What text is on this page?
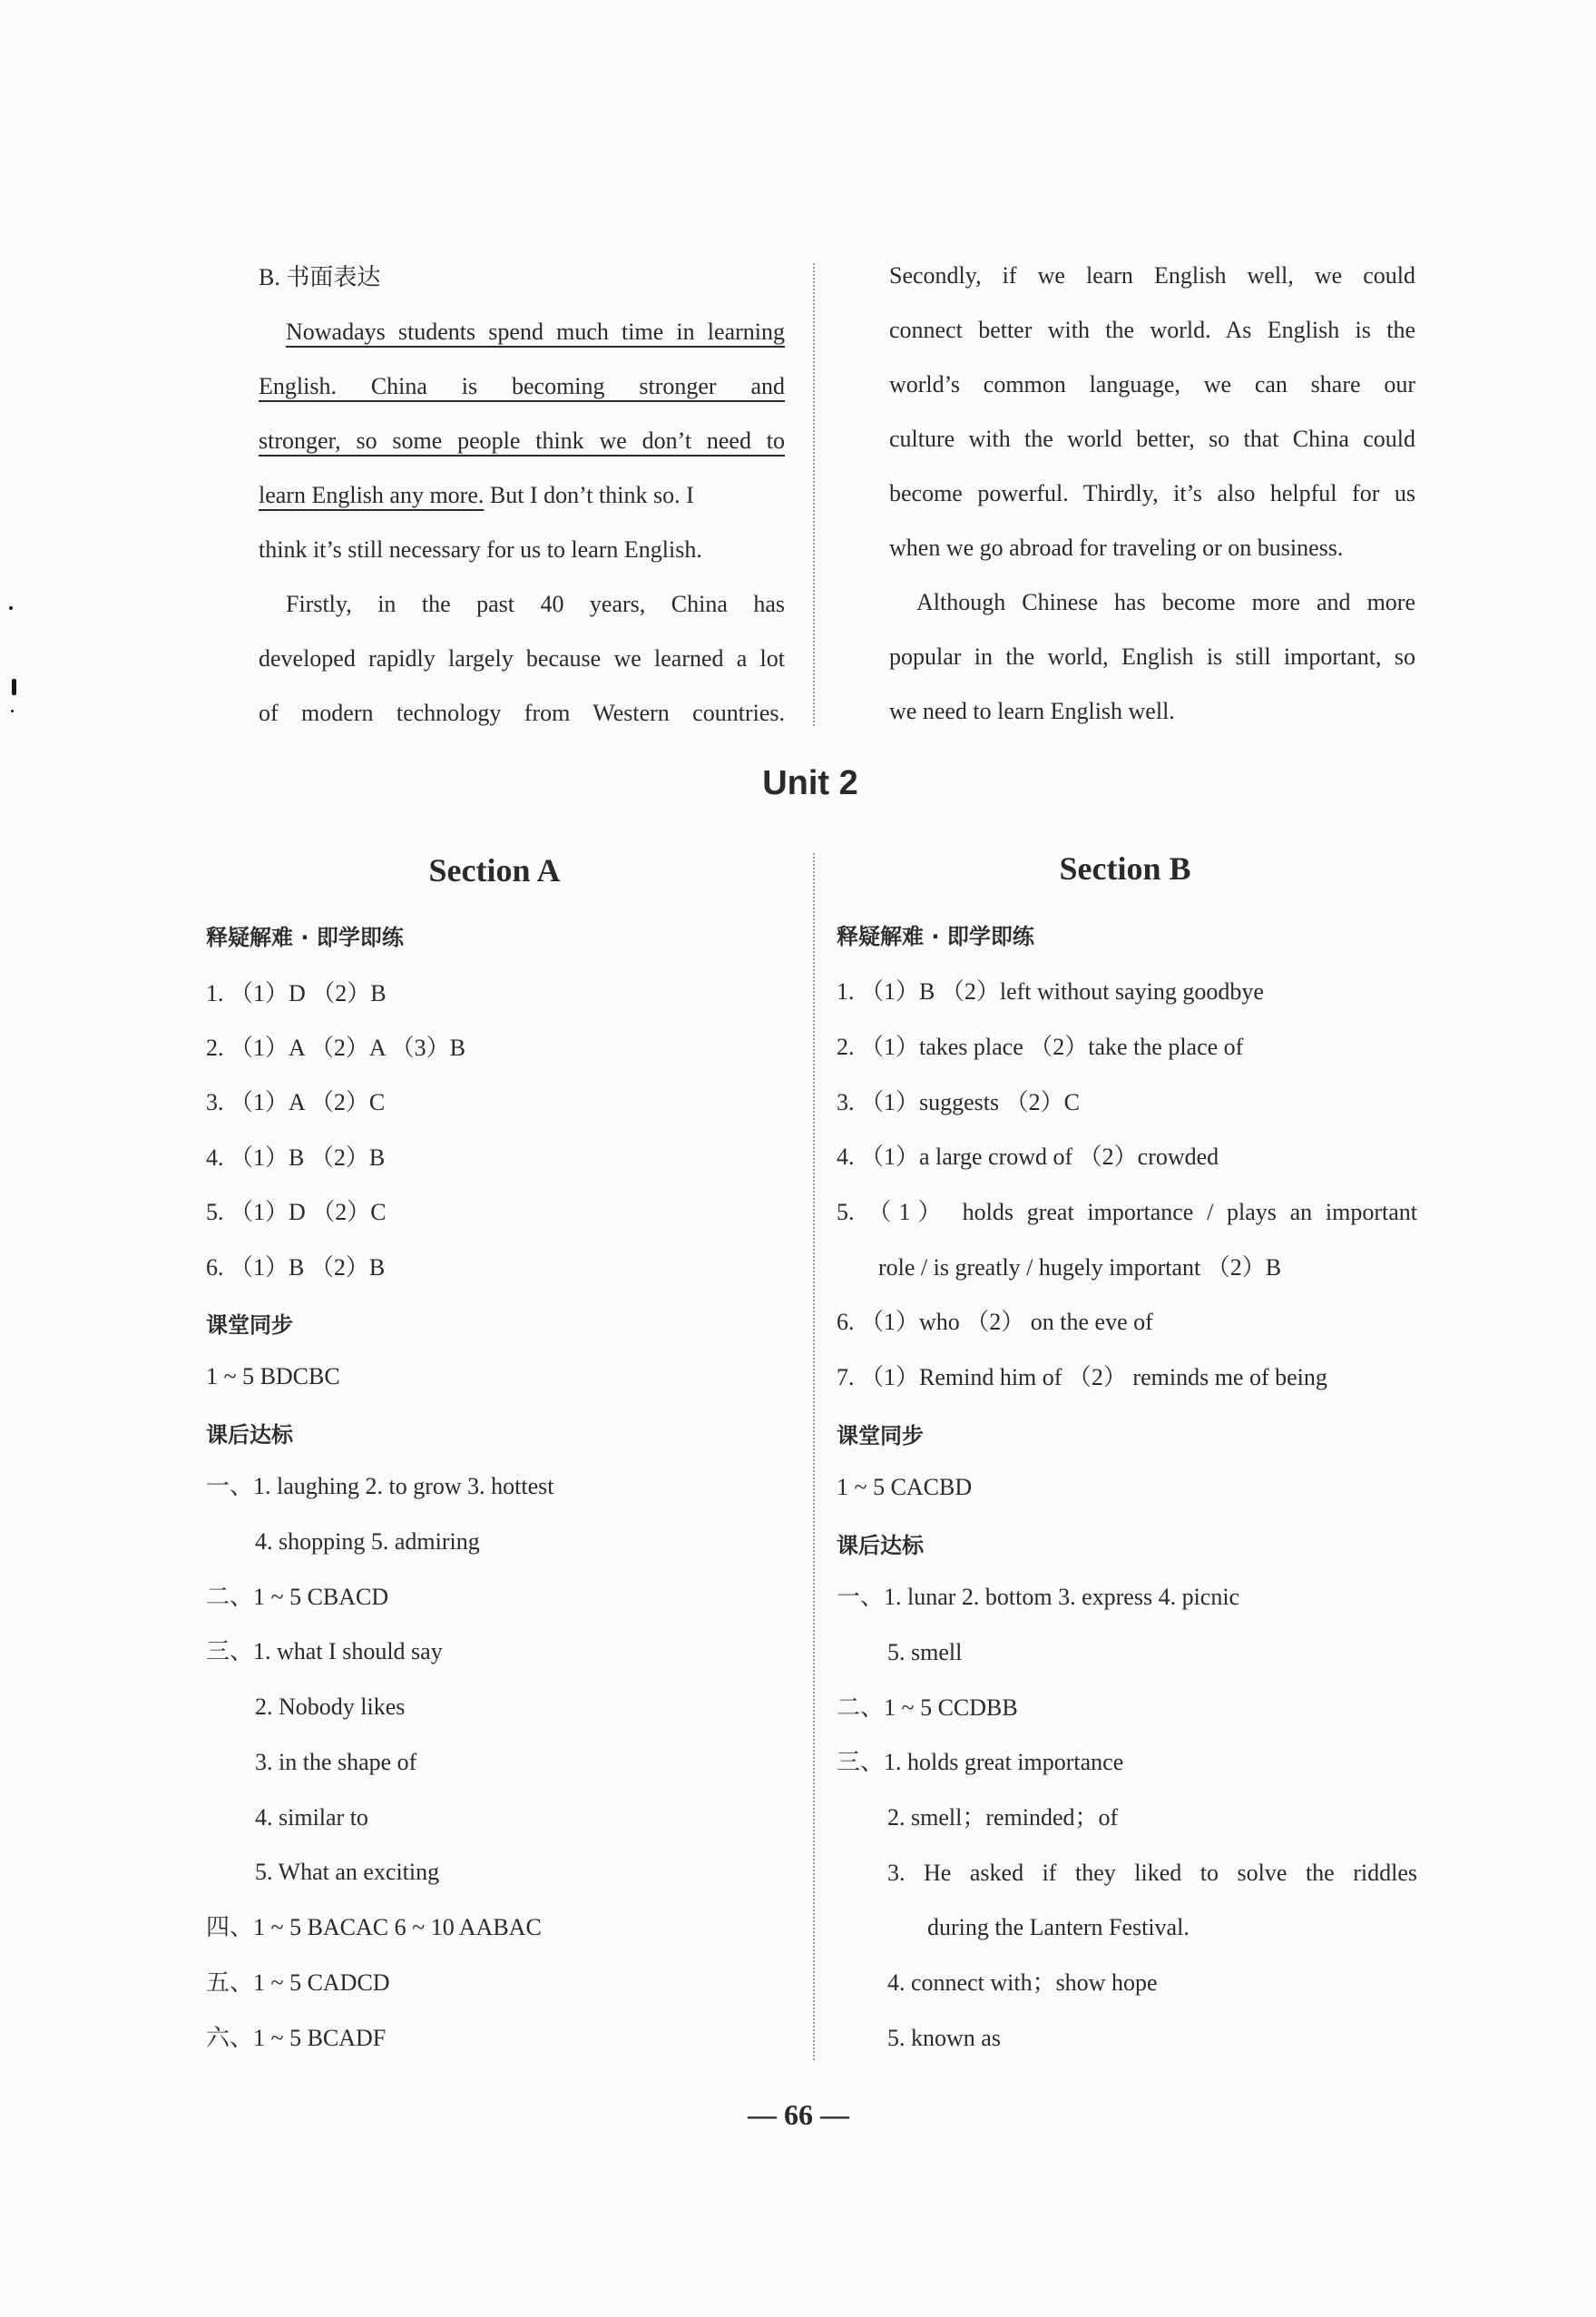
B. 书面表达
Nowadays students spend much time in learning
English. China is becoming stronger and
stronger, so some people think we don’t need to
learn English any more. But I don’t think so. I
think it’s still necessary for us to learn English.
Firstly, in the past 40 years, China has
developed rapidly largely because we learned a lot
of modern technology from Western countries.
Secondly, if we learn English well, we could
connect better with the world. As English is the
world’s common language, we can share our
culture with the world better, so that China could
become powerful. Thirdly, it’s also helpful for us
when we go abroad for traveling or on business.
Although Chinese has become more and more
popular in the world, English is still important, so
we need to learn English well.
Unit 2
Section A
释疑解难 · 即学即练
1. （1）D （2）B
2. （1）A （2）A （3）B
3. （1）A （2）C
4. （1）B （2）B
5. （1）D （2）C
6. （1）B （2）B
课堂同步
1 ~ 5 BDCBC
课后达标
一、1. laughing 2. to grow 3. hottest
4. shopping 5. admiring
二、1 ~ 5 CBACD
三、1. what I should say
2. Nobody likes
3. in the shape of
4. similar to
5. What an exciting
四、1 ~ 5 BACAC 6 ~ 10 AABAC
五、1 ~ 5 CADCD
六、1 ~ 5 BCADF
Section B
释疑解难 · 即学即练
1. （1）B （2）left without saying goodbye
2. （1）takes place （2）take the place of
3. （1）suggests （2）C
4. （1）a large crowd of （2）crowded
5. （1） holds great importance / plays an important
role / is greatly / hugely important （2）B
6. （1）who （2） on the eve of
7. （1）Remind him of （2） reminds me of being
课堂同步
1 ~ 5 CACBD
课后达标
一、1. lunar 2. bottom 3. express 4. picnic
5. smell
二、1 ~ 5 CCDBB
三、1. holds great importance
2. smell；reminded；of
3. He asked if they liked to solve the riddles
during the Lantern Festival.
4. connect with；show hope
5. known as
— 66 —
